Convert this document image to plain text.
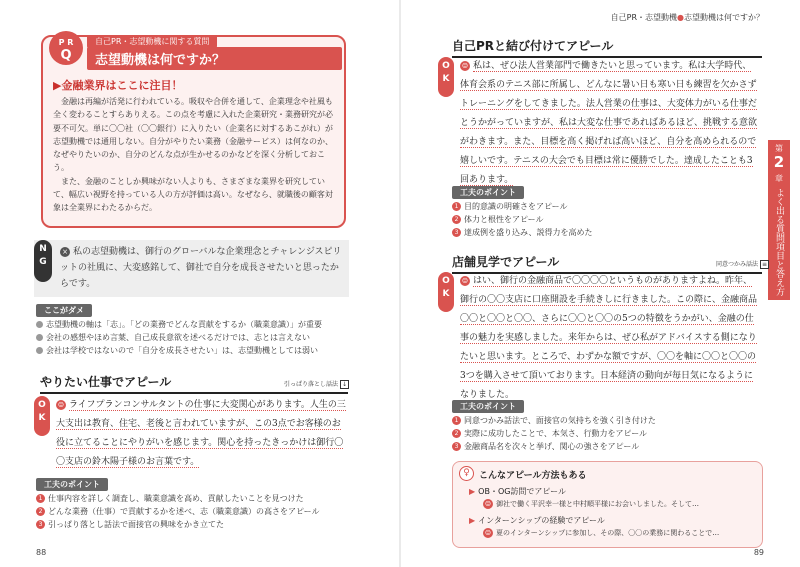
P R
Q
自己PR・志望動機に関する質問
志望動機は何ですか？
▶金融業界はここに注目！

金融は再編が活発に行われている。吸収や合併を通して、企業理念や社風も全く変わることすらありえる。この点を考慮に入れた企業研究・業務研究が必要不可欠。単に〇〇社（〇〇銀行）に入りたい（企業名に対するあこがれ）が志望動機では通用しない。自分がやりたい業務（金融サービス）は何なのか、なぜやりたいのか、自分のどんな点が生かせるのかなどを深く分析しておこう。

また、金融のことしか興味がない人よりも、さまざまな業界を研究していて、幅広い視野を持っている人の方が評価は高い。なぜなら、就職後の顧客対象は全業界にわたるからだ。

N G
× 私の志望動機は、御行のグローバルな企業理念とチャレンジスピリットの社風に、大変感銘して、御社で自分を成長させたいと思ったからです。
ここがダメ
志望動機の軸は「志」。「どの業務でどんな貢献をするか（職業意識）」が重要
会社の感想やほめ言葉、自己成長意欲を述べるだけでは、志とは言えない
会社は学校ではないので「自分を成長させたい」は、志望動機としては弱い
やりたい仕事でアピール	引っぱり落とし話法 ↓
O K
☺ ライフプランコンサルタントの仕事に大変関心があります。人生の三大支出は教育、住宅、老後と言われていますが、この3点でお客様のお役に立てることにやりがいを感じます。関心を持ったきっかけは御行〇〇支店の鈴木陽子様のお言葉です。
工夫のポイント
1 仕事内容を詳しく調査し、職業意識を高め、貢献したいことを見つけた
2 どんな業務（仕事）で貢献するかを述べ、志（職業意識）の高さをアピール
3 引っぱり落とし話法で面接官の興味をかき立てた
88
自己PR・志望動機●志望動機は何ですか？
第
2
章
よく出る質問項目と答え方
自己PRと結び付けてアピール
O K
☺ 私は、ぜひ法人営業部門で働きたいと思っています。私は大学時代、体育会系のテニス部に所属し、どんなに暑い日も寒い日も練習を欠かさずトレーニングをしてきました。法人営業の仕事は、大変体力がいる仕事だとうかがっていますが、私は大変な仕事であればあるほど、挑戦する意欲がわきます。また、目標を高く掲げれば高いほど、自分を高められるので嬉しいです。テニスの大会でも目標は常に優勝でした。達成したことも3回あります。
工夫のポイント
1 目的意識の明確さをアピール
2 体力と根性をアピール
3 達成例を盛り込み、説得力を高めた
店舗見学でアピール	同意つかみ話法 ≡
O K
☺ はい、御行の金融商品で〇〇〇〇というものがありますよね。昨年、御行の〇〇支店に口座開設を手続きしに行きました。この際に、金融商品〇〇と〇〇と〇〇、さらに〇〇と〇〇の5つの特徴をうかがい、金融の仕事の魅力を実感しました。来年からは、ぜひ私がアドバイスする側になりたいと思います。ところで、わずかな額ですが、〇〇を軸に〇〇と〇〇の3つを購入させて頂いております。日本経済の動向が毎日気になるようになりました。
工夫のポイント
1 同意つかみ話法で、面接官の気持ちを強く引き付けた
2 実際に成功したことで、本気さ、行動力をアピール
3 金融商品名を次々と挙げ、関心の強さをアピール
89
♀	こんなアピール方法もある
▶ OB・OG訪問でアピール
☺ 御社で働く平沢幸一様と中村順平様にお会いしました。そして…
▶ インターンシップの経験でアピール
☺ 夏のインターンシップに参加し、その際、〇〇の業務に関わることで…
